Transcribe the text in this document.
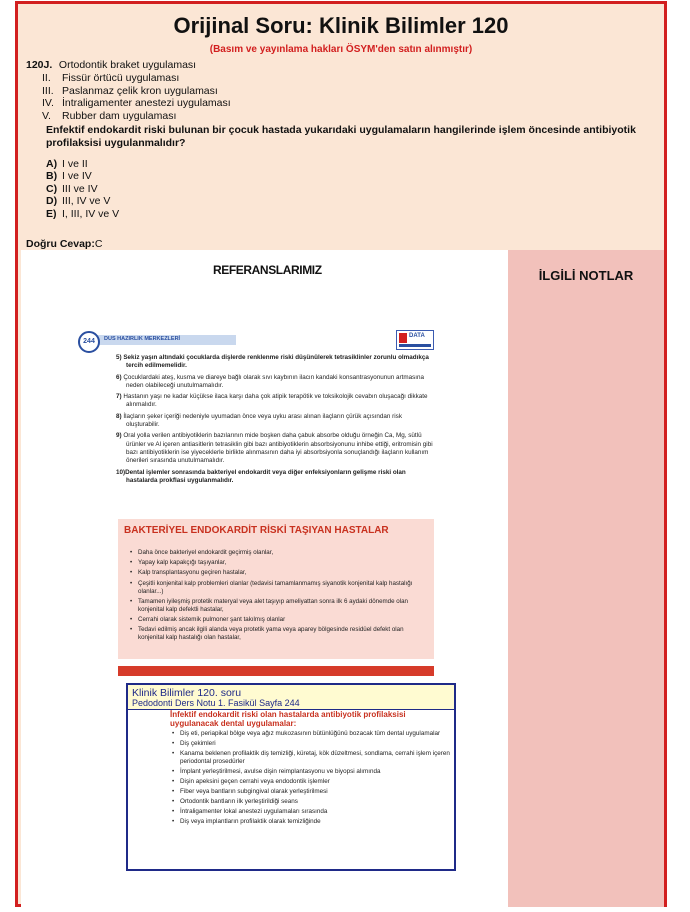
Orijinal Soru: Klinik Bilimler 120
(Basım ve yayınlama hakları ÖSYM'den satın alınmıştır)
120J. Ortodontik braket uygulaması
II. Fissür örtücü uygulaması
III. Paslanmaz çelik kron uygulaması
IV. İntraligamenter anestezi uygulaması
V. Rubber dam uygulaması
Enfektif endokardit riski bulunan bir çocuk hastada yukarıdaki uygulamaların hangilerinde işlem öncesinde antibiyotik profilaksisi uygulanmalıdır?
A) I ve II
B) I ve IV
C) III ve IV
D) III, IV ve V
E) I, III, IV ve V
Doğru Cevap:C
REFERANSLARIMIZ
244	DUS HAZIRLIK MERKEZLERİ	DATA
5) Sekiz yaşın altındaki çocuklarda dişlerde renklenme riski düşünülerek tetrasiklinler zorunlu olmadıkça tercih edilmemelidir.
6) Çocuklardaki ateş, kusma ve diareye bağlı olarak sıvı kaybının ilacın kandaki konsantrasyonunun artmasına neden olabileceği unutulmamalıdır.
7) Hastanın yaşı ne kadar küçükse ilaca karşı daha çok atipik terapötik ve toksikolojik cevabın oluşacağı dikkate alınmalıdır.
8) İlaçların şeker içeriği nedeniyle uyumadan önce veya uyku arası alınan ilaçların çürük açısından risk oluşturabilir.
9) Oral yolla verilen antibiyotiklerin bazılarının mide boşken daha çabuk absorbe olduğu örneğin Ca, Mg, sütlü ürünler ve Al içeren antiasitlerin tetrasiklin gibi bazı antibiyotiklerin absorbsiyonunu inhibe ettiği, eritromisin gibi bazı antibiyotiklerin ise yiyeceklerle birlikte alınmasının daha iyi absorbsiyonla sonuçlandığı ilaçların kullanım önerileri sırasında unutulmamalıdır.
10)Dental işlemler sonrasında bakteriyel endokardit veya diğer enfeksiyonların gelişme riski olan hastalarda prokflasi uygulanmalıdır.
BAKTERİYEL ENDOKARDİT RİSKİ TAŞIYAN HASTALAR
• Daha önce bakteriyel endokardit geçirmiş olanlar,
• Yapay kalp kapakçığı taşıyanlar,
• Kalp transplantasyonu geçiren hastalar,
• Çeşitli konjenital kalp problemleri olanlar (tedavisi tamamlanmamış siyanotik konjenital kalp hastalığı olanlar...)
• Tamamen iyileşmiş protetik materyal veya alet taşıyıp ameliyattan sonra ilk 6 aydaki dönemde olan konjenital kalp defektli hastalar,
• Cerrahi olarak sistemik pulmoner şant takılmış olanlar
• Tedavi edilmiş ancak ilgili alanda veya protetik yama veya aparey bölgesinde residüel defekt olan konjenital kalp hastalığı olan hastalar,
Klinik Bilimler 120. soru
Pedodonti Ders Notu 1. Fasikül Sayfa 244
İnfektif endokardit riski olan hastalarda antibiyotik profilaksisi uygulanacak dental uygulamalar:
• Diş eti, periapikal bölge veya ağız mukozasının bütünlüğünü bozacak tüm dental uygulamalar
• Diş çekimleri
• Kanama beklenen profilaktik diş temizliği, küretaj, kök düzeltmesi, sondlama, cerrahi işlem içeren periodontal prosedürler
• İmplant yerleştirilmesi, avulse dişin reimplantasyonu ve biyopsi alımında
• Dişin apeksini geçen cerrahi veya endodontik işlemler
• Fiber veya bantların subgingival olarak yerleştirilmesi
• Ortodontik bantların ilk yerleştirildiği seans
• İntraligamenter lokal anestezi uygulamaları sırasında
• Diş veya implantların profilaktik olarak temizliğinde
İLGİLİ NOTLAR
